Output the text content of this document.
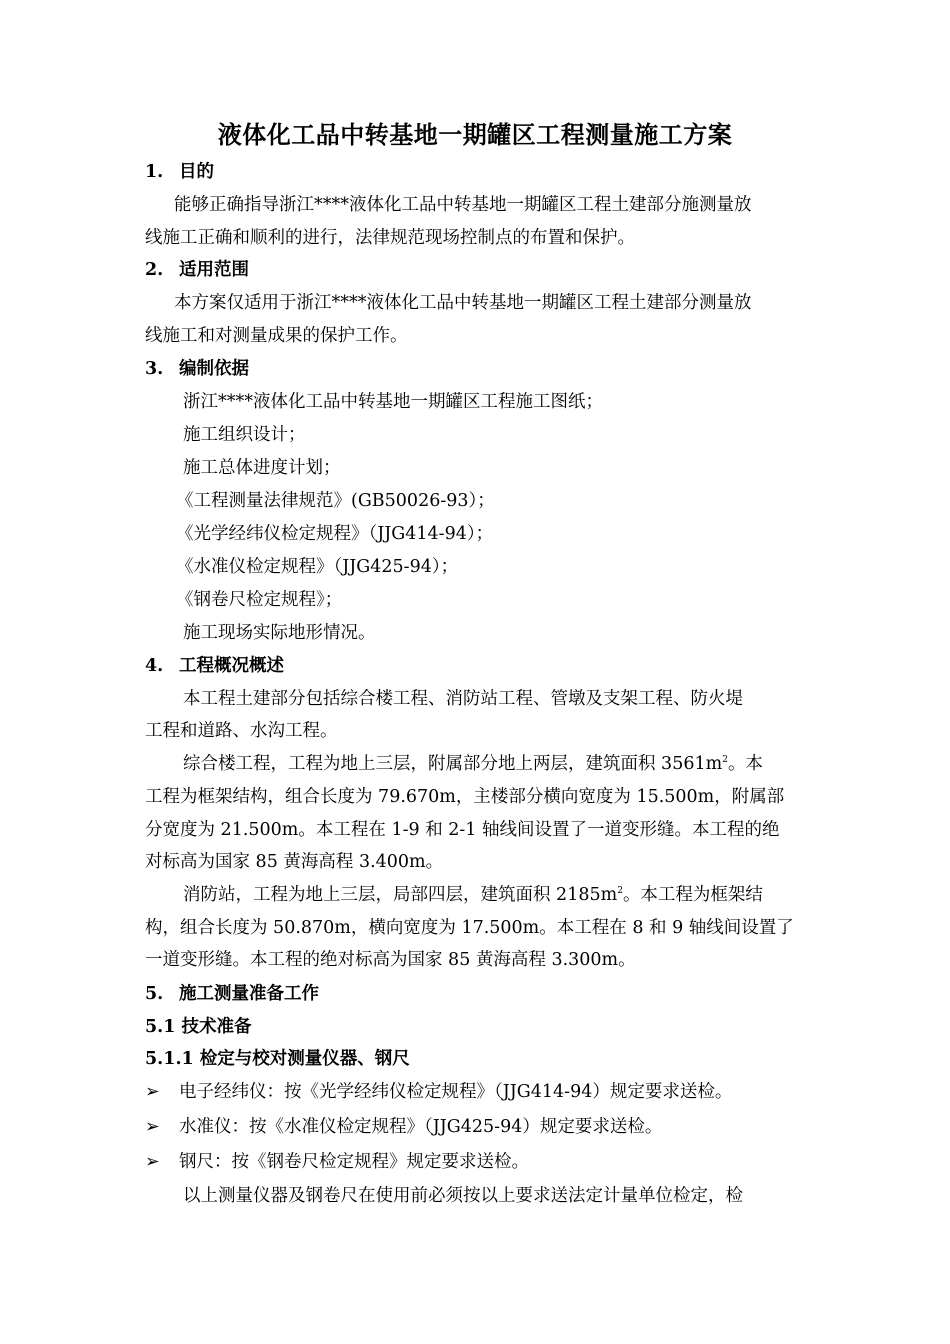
液体化工品中转基地一期罐区工程测量施工方案
1. 目的
能够正确指导浙江****液体化工品中转基地一期罐区工程土建部分施测量放
线施工正确和顺利的进行，法律规范现场控制点的布置和保护。
2. 适用范围
本方案仅适用于浙江****液体化工品中转基地一期罐区工程土建部分测量放
线施工和对测量成果的保护工作。
3. 编制依据
浙江****液体化工品中转基地一期罐区工程施工图纸；
施工组织设计；
施工总体进度计划；
《工程测量法律规范》(GB50026-93）；
《光学经纬仪检定规程》（JJG414-94）；
《水准仪检定规程》（JJG425-94）；
《钢卷尺检定规程》；
施工现场实际地形情况。
4. 工程概况概述
本工程土建部分包括综合楼工程、消防站工程、管墩及支架工程、防火堤
工程和道路、水沟工程。
综合楼工程，工程为地上三层，附属部分地上两层，建筑面积 $3561m^2$。本
工程为框架结构，组合长度为 79.670m，主楼部分横向宽度为 15.500m，附属部
分宽度为 21.500m。本工程在 1-9 和 2-1 轴线间设置了一道变形缝。本工程的绝
对标高为国家 85 黄海高程 3.400m。
消防站，工程为地上三层，局部四层，建筑面积 $2185m^2$。本工程为框架结
构，组合长度为 50.870m，横向宽度为 17.500m。本工程在 8 和 9 轴线间设置了
一道变形缝。本工程的绝对标高为国家 85 黄海高程 3.300m。
5. 施工测量准备工作
5.1 技术准备
5.1.1 检定与校对测量仪器、钢尺
➢ 电子经纬仪：按《光学经纬仪检定规程》（JJG414-94）规定要求送检。
➢ 水准仪：按《水准仪检定规程》（JJG425-94）规定要求送检。
➢ 钢尺：按《钢卷尺检定规程》规定要求送检。
以上测量仪器及钢卷尺在使用前必须按以上要求送法定计量单位检定，检
